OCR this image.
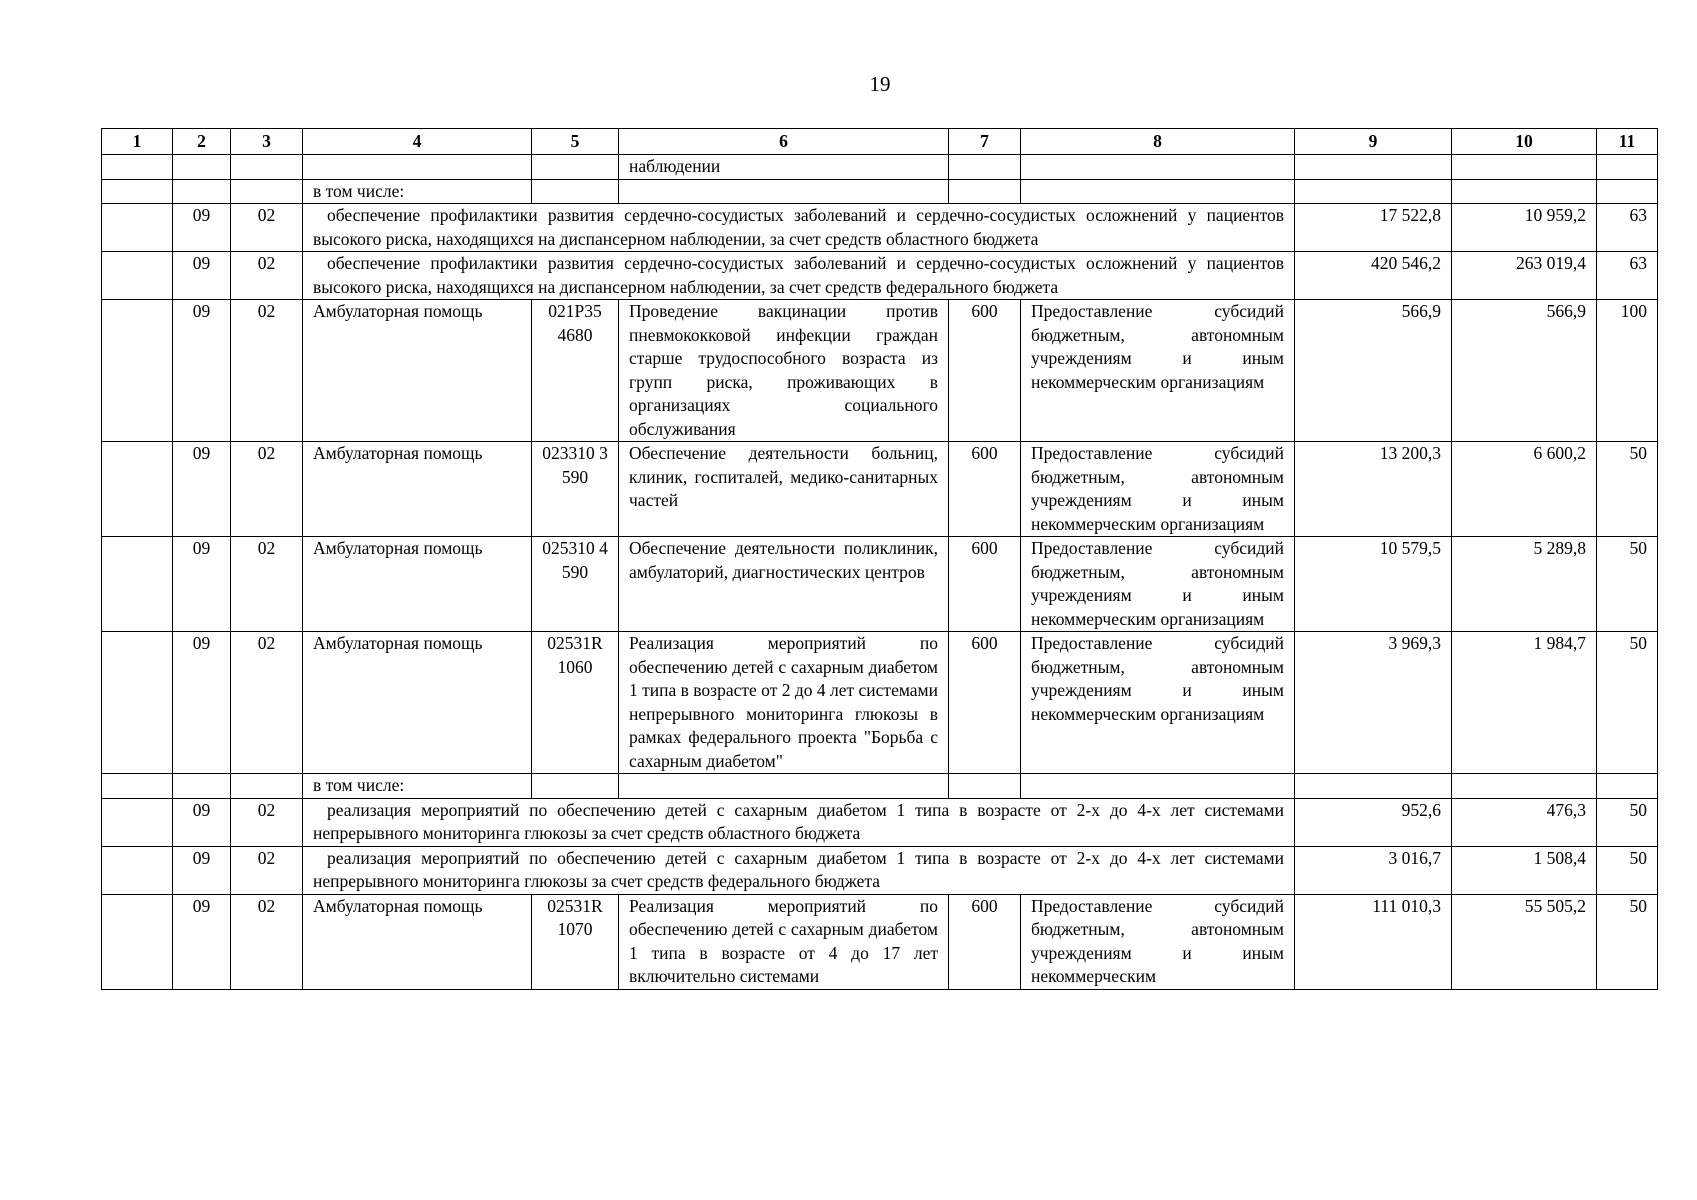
19
1	2	3	4	5	6	7	8	9	10	11
					наблюдении					
			в том числе:							
	09	02	обеспечение профилактики развития сердечно-сосудистых заболеваний и сердечно-сосудистых осложнений у пациентов высокого риска, находящихся на диспансерном наблюдении, за счет средств областного бюджета					17 522,8	10 959,2	63
	09	02	обеспечение профилактики развития сердечно-сосудистых заболеваний и сердечно-сосудистых осложнений у пациентов высокого риска, находящихся на диспансерном наблюдении, за счет средств федерального бюджета					420 546,2	263 019,4	63
	09	02	Амбулаторная помощь	021P35 4680	Проведение вакцинации против пневмококковой инфекции граждан старше трудоспособного возраста из групп риска, проживающих в организациях социального обслуживания	600	Предоставление субсидий бюджетным, автономным учреждениям и иным некоммерческим организациям	566,9	566,9	100
	09	02	Амбулаторная помощь	023310 3590	Обеспечение деятельности больниц, клиник, госпиталей, медико-санитарных частей	600	Предоставление субсидий бюджетным, автономным учреждениям и иным некоммерческим организациям	13 200,3	6 600,2	50
	09	02	Амбулаторная помощь	025310 4590	Обеспечение деятельности поликлиник, амбулаторий, диагностических центров	600	Предоставление субсидий бюджетным, автономным учреждениям и иным некоммерческим организациям	10 579,5	5 289,8	50
	09	02	Амбулаторная помощь	02531R 1060	Реализация мероприятий по обеспечению детей с сахарным диабетом 1 типа в возрасте от 2 до 4 лет системами непрерывного мониторинга глюкозы в рамках федерального проекта "Борьба с сахарным диабетом"	600	Предоставление субсидий бюджетным, автономным учреждениям и иным некоммерческим организациям	3 969,3	1 984,7	50
			в том числе:							
	09	02	реализация мероприятий по обеспечению детей с сахарным диабетом 1 типа в возрасте от 2-х до 4-х лет системами непрерывного мониторинга глюкозы за счет средств областного бюджета					952,6	476,3	50
	09	02	реализация мероприятий по обеспечению детей с сахарным диабетом 1 типа в возрасте от 2-х до 4-х лет системами непрерывного мониторинга глюкозы за счет средств федерального бюджета					3 016,7	1 508,4	50
	09	02	Амбулаторная помощь	02531R 1070	Реализация мероприятий по обеспечению детей с сахарным диабетом 1 типа в возрасте от 4 до 17 лет включительно системами	600	Предоставление субсидий бюджетным, автономным учреждениям и иным некоммерческим	111 010,3	55 505,2	50
